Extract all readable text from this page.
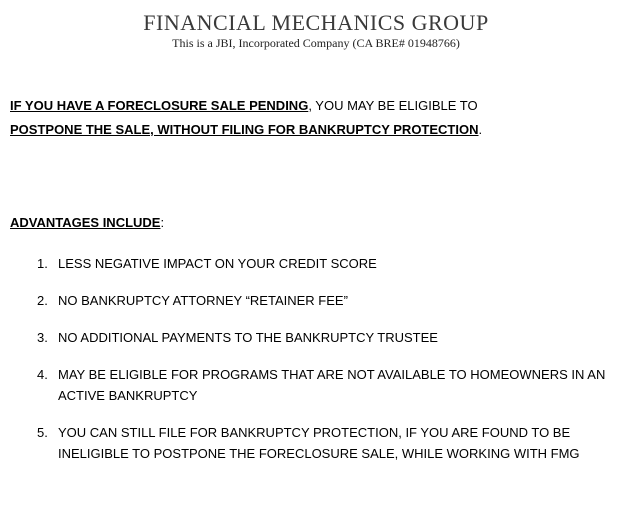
FINANCIAL MECHANICS GROUP
This is a JBI, Incorporated Company (CA BRE# 01948766)
IF YOU HAVE A FORECLOSURE SALE PENDING, YOU MAY BE ELIGIBLE TO
POSTPONE THE SALE, WITHOUT FILING FOR BANKRUPTCY PROTECTION.
ADVANTAGES INCLUDE:
1. LESS NEGATIVE IMPACT ON YOUR CREDIT SCORE
2. NO BANKRUPTCY ATTORNEY “RETAINER FEE”
3. NO ADDITIONAL PAYMENTS TO THE BANKRUPTCY TRUSTEE
4. MAY BE ELIGIBLE FOR PROGRAMS THAT ARE NOT AVAILABLE TO HOMEOWNERS IN AN ACTIVE BANKRUPTCY
5. YOU CAN STILL FILE FOR BANKRUPTCY PROTECTION, IF YOU ARE FOUND TO BE INELIGIBLE TO POSTPONE THE FORECLOSURE SALE, WHILE WORKING WITH FMG
